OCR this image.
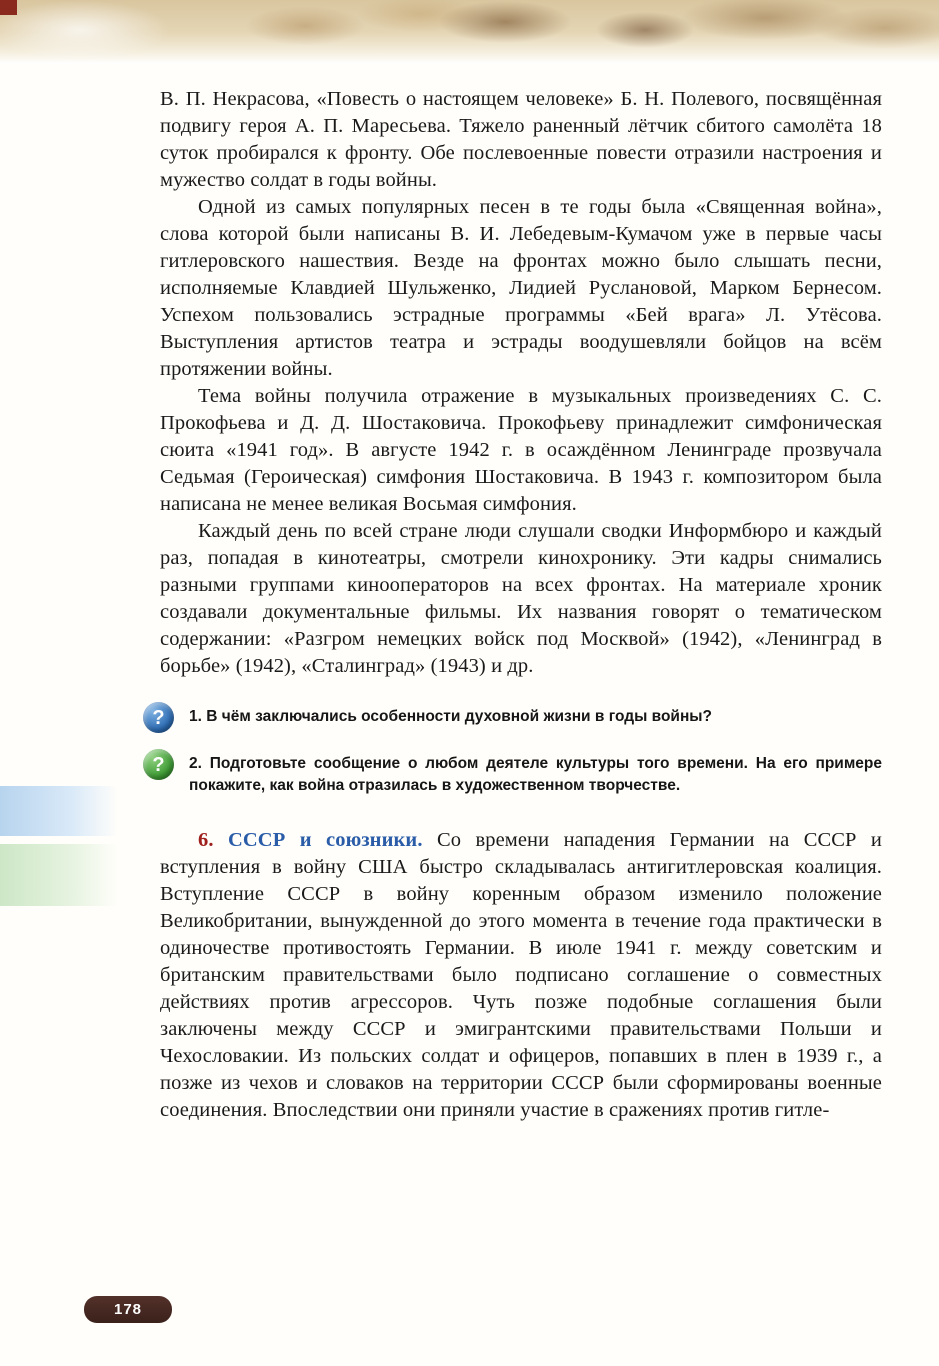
В. П. Некрасова, «Повесть о настоящем человеке» Б. Н. Полевого, посвящённая подвигу героя А. П. Маресьева. Тяжело раненный лётчик сбитого самолёта 18 суток пробирался к фронту. Обе послевоенные повести отразили настроения и мужество солдат в годы войны.

Одной из самых популярных песен в те годы была «Священная война», слова которой были написаны В. И. Лебедевым-Кумачом уже в первые часы гитлеровского нашествия. Везде на фронтах можно было слышать песни, исполняемые Клавдией Шульженко, Лидией Руслановой, Марком Бернесом. Успехом пользовались эстрадные программы «Бей врага» Л. Утёсова. Выступления артистов театра и эстрады воодушевляли бойцов на всём протяжении войны.

Тема войны получила отражение в музыкальных произведениях С. С. Прокофьева и Д. Д. Шостаковича. Прокофьеву принадлежит симфоническая сюита «1941 год». В августе 1942 г. в осаждённом Ленинграде прозвучала Седьмая (Героическая) симфония Шостаковича. В 1943 г. композитором была написана не менее великая Восьмая симфония.

Каждый день по всей стране люди слушали сводки Информбюро и каждый раз, попадая в кинотеатры, смотрели кинохронику. Эти кадры снимались разными группами кинооператоров на всех фронтах. На материале хроник создавали документальные фильмы. Их названия говорят о тематическом содержании: «Разгром немецких войск под Москвой» (1942), «Ленинград в борьбе» (1942), «Сталинград» (1943) и др.

?	1. В чём заключались особенности духовной жизни в годы войны?
?	2. Подготовьте сообщение о любом деятеле культуры того времени. На его примере покажите, как война отразилась в художественном творчестве.

6. СССР и союзники. Со времени нападения Германии на СССР и вступления в войну США быстро складывалась антигитлеровская коалиция. Вступление СССР в войну коренным образом изменило положение Великобритании, вынужденной до этого момента в течение года практически в одиночестве противостоять Германии. В июле 1941 г. между советским и британским правительствами было подписано соглашение о совместных действиях против агрессоров. Чуть позже подобные соглашения были заключены между СССР и эмигрантскими правительствами Польши и Чехословакии. Из польских солдат и офицеров, попавших в плен в 1939 г., а позже из чехов и словаков на территории СССР были сформированы военные соединения. Впоследствии они приняли участие в сражениях против гитле-

178
